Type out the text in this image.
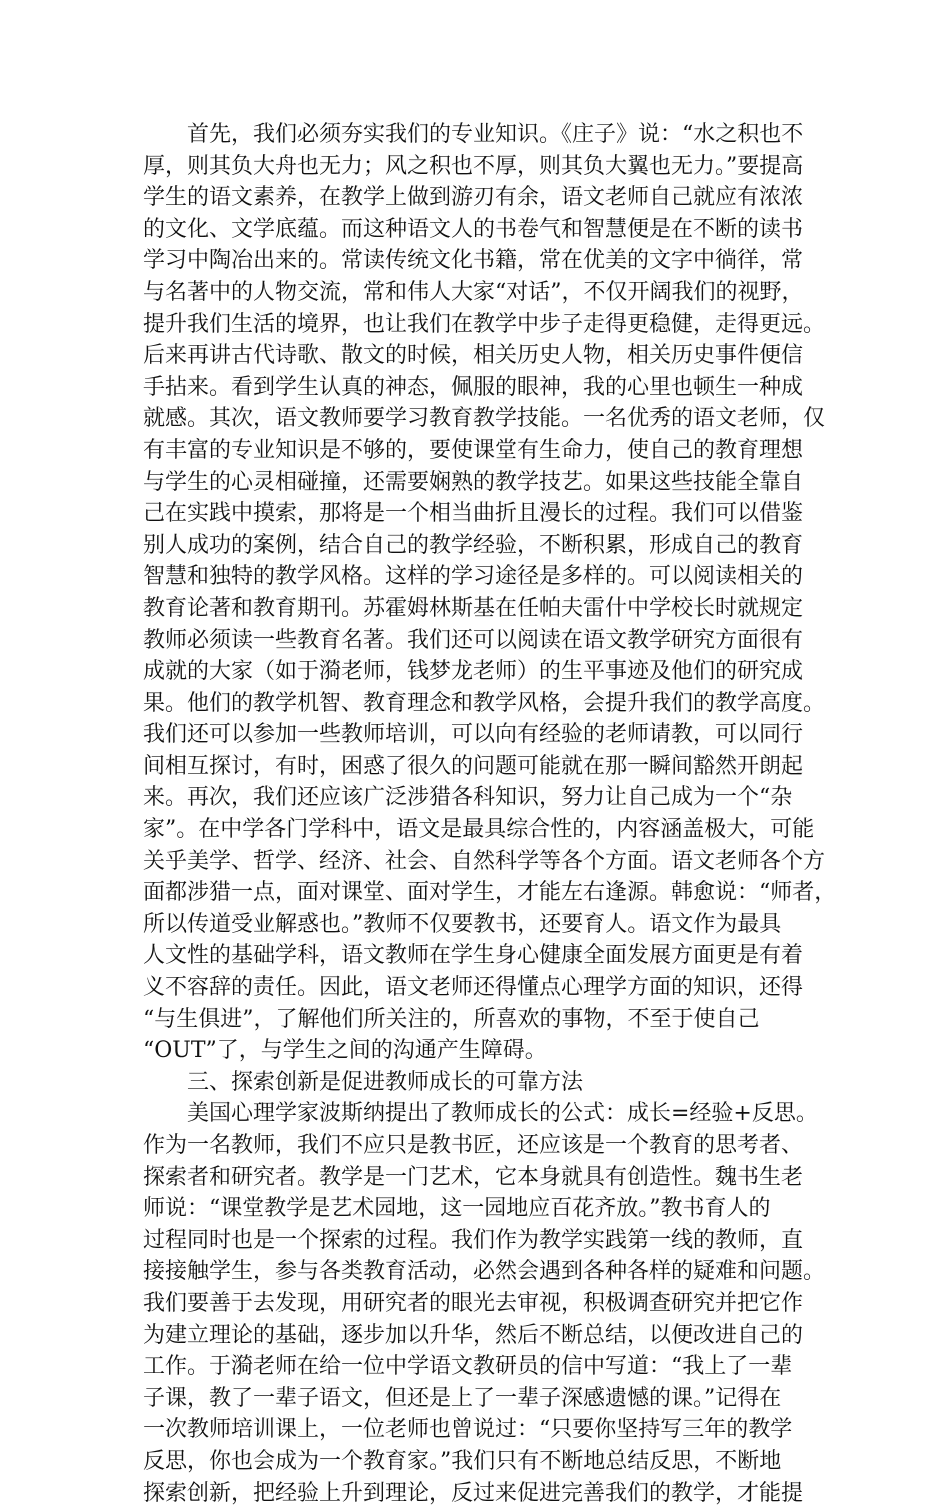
首先，我们必须夯实我们的专业知识。《庄子》说：“水之积也不
厚，则其负大舟也无力；风之积也不厚，则其负大翼也无力。”要提高
学生的语文素养，在教学上做到游刃有余，语文老师自己就应有浓浓
的文化、文学底蕴。而这种语文人的书卷气和智慧便是在不断的读书
学习中陶冶出来的。常读传统文化书籍，常在优美的文字中徜徉，常
与名著中的人物交流，常和伟人大家“对话”，不仅开阔我们的视野，
提升我们生活的境界，也让我们在教学中步子走得更稳健，走得更远。
后来再讲古代诗歌、散文的时候，相关历史人物，相关历史事件便信
手拈来。看到学生认真的神态，佩服的眼神，我的心里也顿生一种成
就感。其次，语文教师要学习教育教学技能。一名优秀的语文老师，仅
有丰富的专业知识是不够的，要使课堂有生命力，使自己的教育理想
与学生的心灵相碰撞，还需要娴熟的教学技艺。如果这些技能全靠自
己在实践中摸索，那将是一个相当曲折且漫长的过程。我们可以借鉴
别人成功的案例，结合自己的教学经验，不断积累，形成自己的教育
智慧和独特的教学风格。这样的学习途径是多样的。可以阅读相关的
教育论著和教育期刊。苏霍姆林斯基在任帕夫雷什中学校长时就规定
教师必须读一些教育名著。我们还可以阅读在语文教学研究方面很有
成就的大家（如于漪老师，钱梦龙老师）的生平事迹及他们的研究成
果。他们的教学机智、教育理念和教学风格，会提升我们的教学高度。
我们还可以参加一些教师培训，可以向有经验的老师请教，可以同行
间相互探讨，有时，困惑了很久的问题可能就在那一瞬间豁然开朗起
来。再次，我们还应该广泛涉猎各科知识，努力让自己成为一个“杂
家”。在中学各门学科中，语文是最具综合性的，内容涵盖极大，可能
关乎美学、哲学、经济、社会、自然科学等各个方面。语文老师各个方
面都涉猎一点，面对课堂、面对学生，才能左右逢源。韩愈说：“师者，
所以传道受业解惑也。”教师不仅要教书，还要育人。语文作为最具
人文性的基础学科，语文教师在学生身心健康全面发展方面更是有着
义不容辞的责任。因此，语文老师还得懂点心理学方面的知识，还得
“与生俱进”，了解他们所关注的，所喜欢的事物，不至于使自己
“OUT”了，与学生之间的沟通产生障碍。
三、探索创新是促进教师成长的可靠方法
美国心理学家波斯纳提出了教师成长的公式：成长=经验+反思。
作为一名教师，我们不应只是教书匠，还应该是一个教育的思考者、
探索者和研究者。教学是一门艺术，它本身就具有创造性。魏书生老
师说：“课堂教学是艺术园地，这一园地应百花齐放。”教书育人的
过程同时也是一个探索的过程。我们作为教学实践第一线的教师，直
接接触学生，参与各类教育活动，必然会遇到各种各样的疑难和问题。
我们要善于去发现，用研究者的眼光去审视，积极调查研究并把它作
为建立理论的基础，逐步加以升华，然后不断总结，以便改进自己的
工作。于漪老师在给一位中学语文教研员的信中写道：“我上了一辈
子课，教了一辈子语文，但还是上了一辈子深感遗憾的课。”记得在
一次教师培训课上，一位老师也曾说过：“只要你坚持写三年的教学
反思，你也会成为一个教育家。”我们只有不断地总结反思，不断地
探索创新，把经验上升到理论，反过来促进完善我们的教学，才能提
